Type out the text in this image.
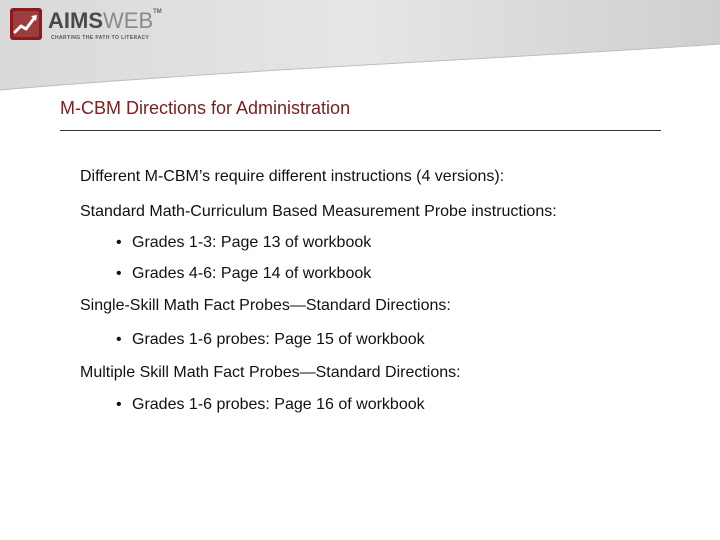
AIMSWEB™
CHARTING THE PATH TO LITERACY
M-CBM Directions for Administration
Different M-CBM’s require different instructions (4 versions):
Standard Math-Curriculum Based Measurement Probe instructions:
• Grades 1-3: Page 13 of workbook
• Grades 4-6: Page 14 of workbook
Single-Skill Math Fact Probes—Standard Directions:
• Grades 1-6 probes: Page 15 of workbook
Multiple Skill Math Fact Probes—Standard Directions:
• Grades 1-6 probes: Page 16 of workbook
